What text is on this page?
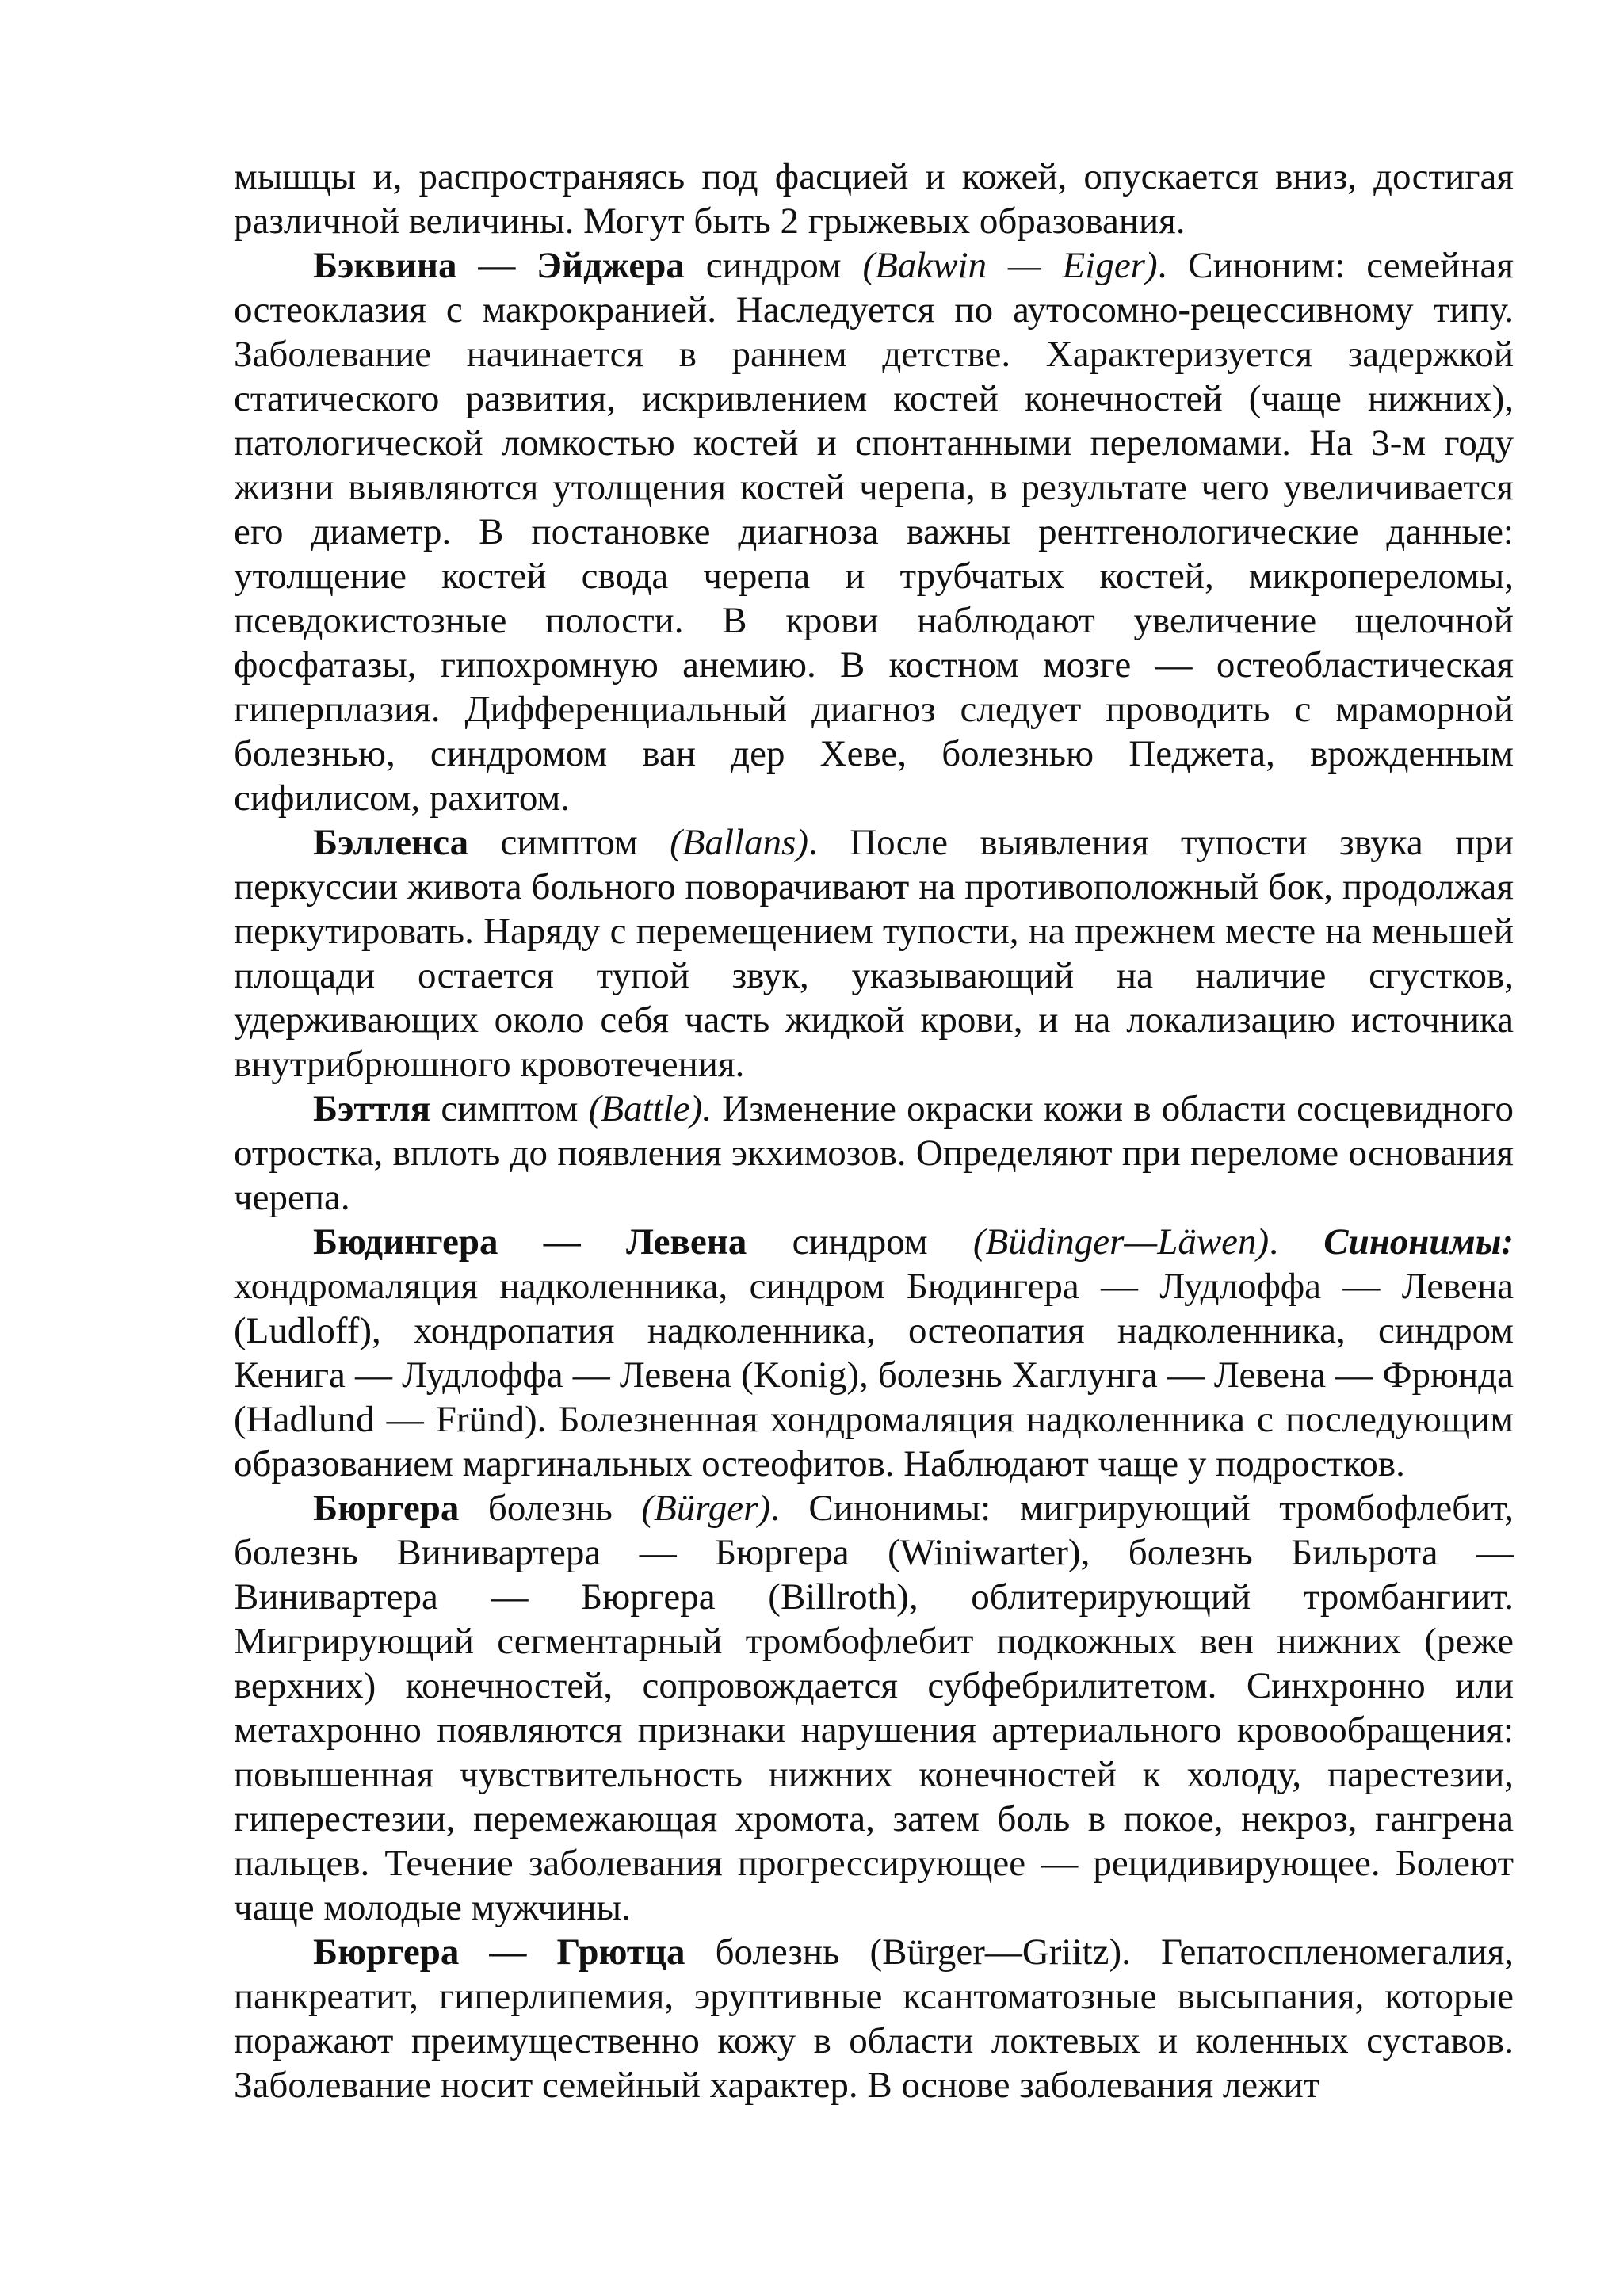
мышцы и, распространяясь под фасцией и кожей, опускается вниз, достигая различной величины. Могут быть 2 грыжевых образования.

Бэквина — Эйджера синдром (Bakwin — Eiger). Синоним: семейная остеоклазия с макрокранией. Наследуется по аутосомно-рецессивному типу. Заболевание начинается в раннем детстве. Характеризуется задержкой статического развития, искривлением костей конечностей (чаще нижних), патологической ломкостью костей и спонтанными переломами. На 3-м году жизни выявляются утолщения костей черепа, в результате чего увеличивается его диаметр. В постановке диагноза важны рентгенологические данные: утолщение костей свода черепа и трубчатых костей, микропереломы, псевдокистозные полости. В крови наблюдают увеличение щелочной фосфатазы, гипохромную анемию. В костном мозге — остеобластическая гиперплазия. Дифференциальный диагноз следует проводить с мраморной болезнью, синдромом ван дер Хеве, болезнью Педжета, врожденным сифилисом, рахитом.

Бэлленса симптом (Ballans). После выявления тупости звука при перкуссии живота больного поворачивают на противоположный бок, продолжая перкутировать. Наряду с перемещением тупости, на прежнем месте на меньшей площади остается тупой звук, указывающий на наличие сгустков, удерживающих около себя часть жидкой крови, и на локализацию источника внутрибрюшного кровотечения.

Бэттля симптом (Battle). Изменение окраски кожи в области сосцевидного отростка, вплоть до появления экхимозов. Определяют при переломе основания черепа.

Бюдингера — Левена синдром (Büdinger—Läwen). Синонимы: хондромаляция надколенника, синдром Бюдингера — Лудлоффа — Левена (Ludloff), хондропатия надколенника, остеопатия надколенника, синдром Кенига — Лудлоффа — Левена (Konig), болезнь Хаглунга — Левена — Фрюнда (Hadlund — Fründ). Болезненная хондромаляция надколенника с последующим образованием маргинальных остеофитов. Наблюдают чаще у подростков.

Бюргера болезнь (Bürger). Синонимы: мигрирующий тромбофлебит, болезнь Винивартера — Бюргера (Winiwarter), болезнь Бильрота — Винивартера — Бюргера (Billroth), облитерирующий тромбангиит. Мигрирующий сегментарный тромбофлебит подкожных вен нижних (реже верхних) конечностей, сопровождается субфебрилитетом. Синхронно или метахронно появляются признаки нарушения артериального кровообращения: повышенная чувствительность нижних конечностей к холоду, парестезии, гиперестезии, перемежающая хромота, затем боль в покое, некроз, гангрена пальцев. Течение заболевания прогрессирующее — рецидивирующее. Болеют чаще молодые мужчины.

Бюргера — Грютца болезнь (Bürger—Griitz). Гепатоспленомегалия, панкреатит, гиперлипемия, эруптивные ксантоматозные высыпания, которые поражают преимущественно кожу в области локтевых и коленных суставов. Заболевание носит семейный характер. В основе заболевания лежит
